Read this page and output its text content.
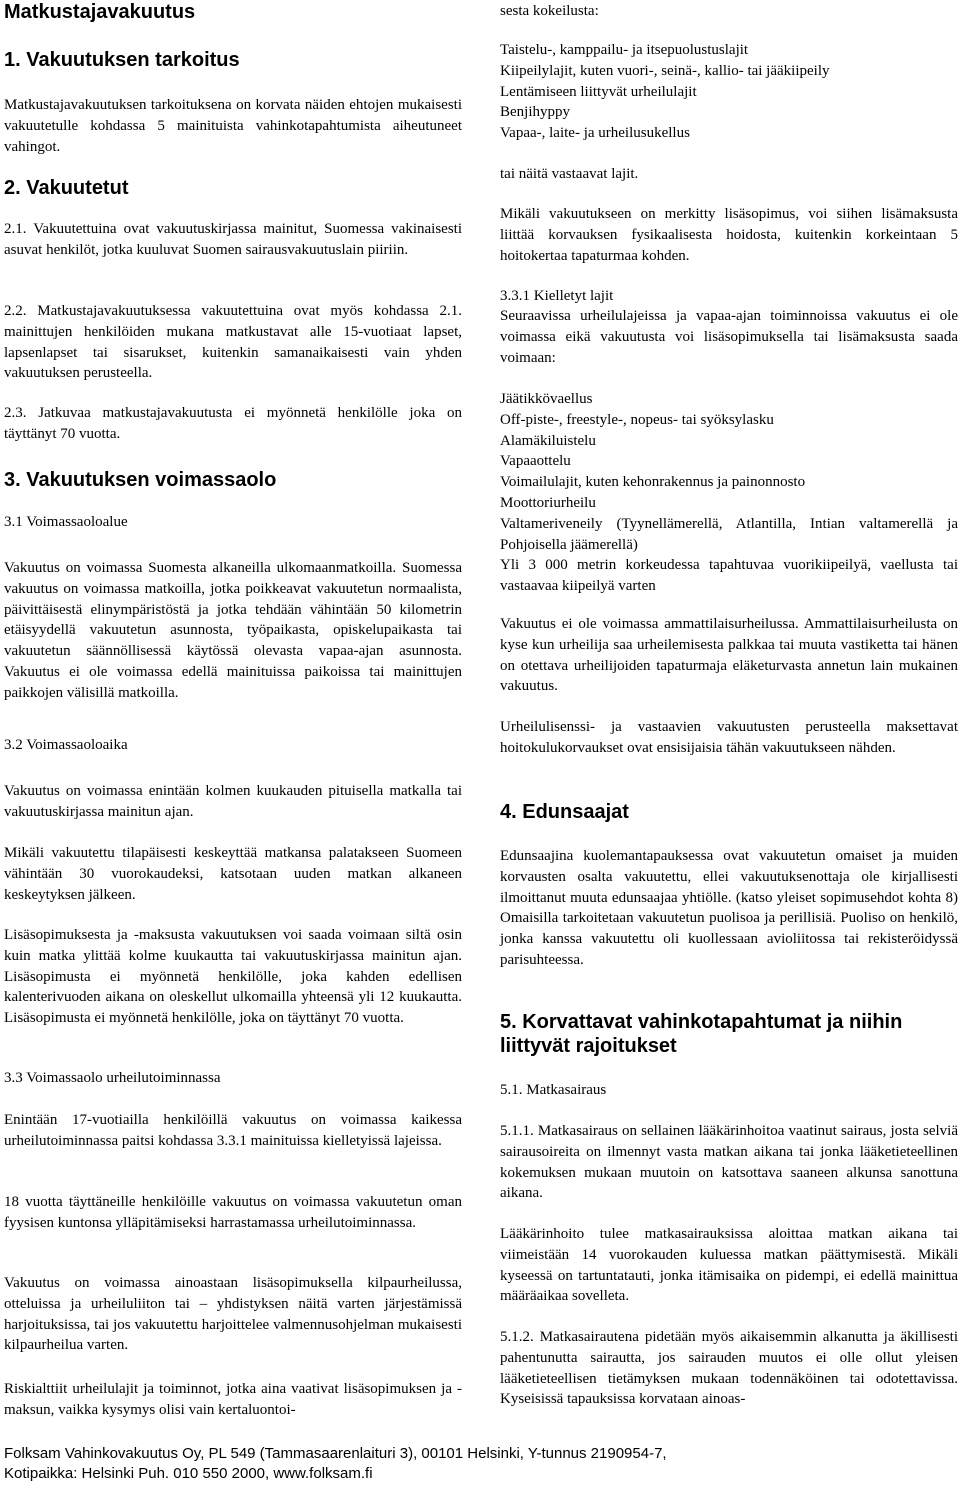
Matkustajavakuutus
1. Vakuutuksen tarkoitus

Matkustajavakuutuksen tarkoituksena on korvata näiden ehtojen mukaisesti vakuutetulle kohdassa 5 mainituista vahinkotapahtumista aiheutuneet vahingot.

2. Vakuutetut

2.1. Vakuutettuina ovat vakuutuskirjassa mainitut, Suomessa vakinaisesti asuvat henkilöt, jotka kuuluvat Suomen sairausvakuutuslain piiriin.

2.2. Matkustajavakuutuksessa vakuutettuina ovat myös kohdassa 2.1. mainittujen henkilöiden mukana matkustavat alle 15-vuotiaat lapset, lapsenlapset tai sisarukset, kuitenkin samanaikaisesti vain yhden vakuutuksen perusteella.

2.3. Jatkuvaa matkustajavakuutusta ei myönnetä henkilölle joka on täyttänyt 70 vuotta.

3. Vakuutuksen voimassaolo

3.1 Voimassaoloalue

Vakuutus on voimassa Suomesta alkaneilla ulkomaanmatkoilla. Suomessa vakuutus on voimassa matkoilla, jotka poikkeavat vakuutetun normaalista, päivittäisestä elinympäristöstä ja jotka tehdään vähintään 50 kilometrin etäisyydellä vakuutetun asunnosta, työpaikasta, opiskelupaikasta tai vakuutetun säännöllisessä käytössä olevasta vapaa-ajan asunnosta. Vakuutus ei ole voimassa edellä mainituissa paikoissa tai mainittujen paikkojen välisillä matkoilla.

3.2 Voimassaoloaika

Vakuutus on voimassa enintään kolmen kuukauden pituisella matkalla tai vakuutuskirjassa mainitun ajan.

Mikäli vakuutettu tilapäisesti keskeyttää matkansa palatakseen Suomeen vähintään 30 vuorokaudeksi, katsotaan uuden matkan alkaneen keskeytyksen jälkeen.

Lisäsopimuksesta ja -maksusta vakuutuksen voi saada voimaan siltä osin kuin matka ylittää kolme kuukautta tai vakuutuskirjassa mainitun ajan. Lisäsopimusta ei myönnetä henkilölle, joka kahden edellisen kalenterivuoden aikana on oleskellut ulkomailla yhteensä yli 12 kuukautta. Lisäsopimusta ei myönnetä henkilölle, joka on täyttänyt 70 vuotta.

3.3 Voimassaolo urheilutoiminnassa

Enintään 17-vuotiailla henkilöillä vakuutus on voimassa kaikessa urheilutoiminnassa paitsi kohdassa 3.3.1 mainituissa kielletyissä lajeissa.

18 vuotta täyttäneille henkilöille vakuutus on voimassa vakuutetun oman fyysisen kuntonsa ylläpitämiseksi harrastamassa urheilutoiminnassa.

Vakuutus on voimassa ainoastaan lisäsopimuksella kilpaurheilussa, otteluissa ja urheiluliiton tai – yhdistyksen näitä varten järjestämissä harjoituksissa, tai jos vakuutettu harjoittelee valmennusohjelman mukaisesti kilpaurheilua varten.

Riskialttiit urheilulajit ja toiminnot, jotka aina vaativat lisäsopimuksen ja -maksun, vaikka kysymys olisi vain kertaluontoi-

sesta kokeilusta:

Taistelu-, kamppailu- ja itsepuolustuslajit
Kiipeilylajit, kuten vuori-, seinä-, kallio- tai jääkiipeily
Lentämiseen liittyvät urheilulajit
Benjihyppy
Vapaa-, laite- ja urheilusukellus

tai näitä vastaavat lajit.

Mikäli vakuutukseen on merkitty lisäsopimus, voi siihen lisämaksusta liittää korvauksen fysikaalisesta hoidosta, kuitenkin korkeintaan 5 hoitokertaa tapaturmaa kohden.

3.3.1 Kielletyt lajit

Seuraavissa urheilulajeissa ja vapaa-ajan toiminnoissa vakuutus ei ole voimassa eikä vakuutusta voi lisäsopimuksella tai lisämaksusta saada voimaan:

Jäätikkövaellus
Off-piste-, freestyle-, nopeus- tai syöksylasku
Alamäkiluistelu
Vapaaottelu
Voimailulajit, kuten kehonrakennus ja painonnosto
Moottoriurheilu
Valtameriveneily (Tyynellämerellä, Atlantilla, Intian valtamerellä ja Pohjoisella jäämerellä)
Yli 3 000 metrin korkeudessa tapahtuvaa vuorikiipeilyä, vaellusta tai vastaavaa kiipeilyä varten

Vakuutus ei ole voimassa ammattilaisurheilussa. Ammattilaisurheilusta on kyse kun urheilija saa urheilemisesta palkkaa tai muuta vastiketta tai hänen on otettava urheilijoiden tapaturmaja eläketurvasta annetun lain mukainen vakuutus.

Urheilulisenssi- ja vastaavien vakuutusten perusteella maksettavat hoitokulukorvaukset ovat ensisijaisia tähän vakuutukseen nähden.

4. Edunsaajat

Edunsaajina kuolemantapauksessa ovat vakuutetun omaiset ja muiden korvausten osalta vakuutettu, ellei vakuutuksenottaja ole kirjallisesti ilmoittanut muuta edunsaajaa yhtiölle. (katso yleiset sopimusehdot kohta 8) Omaisilla tarkoitetaan vakuutetun puolisoa ja perillisiä. Puoliso on henkilö, jonka kanssa vakuutettu oli kuollessaan avioliitossa tai rekisteröidyssä parisuhteessa.

5. Korvattavat vahinkotapahtumat ja niihin liittyvät rajoitukset

5.1. Matkasairaus

5.1.1. Matkasairaus on sellainen lääkärinhoitoa vaatinut sairaus, josta selviä sairausoireita on ilmennyt vasta matkan aikana tai jonka lääketieteellinen kokemuksen mukaan muutoin on katsottava saaneen alkunsa sanottuna aikana.

Lääkärinhoito tulee matkasairauksissa aloittaa matkan aikana tai viimeistään 14 vuorokauden kuluessa matkan päättymisestä. Mikäli kyseessä on tartuntatauti, jonka itämisaika on pidempi, ei edellä mainittua määräaikaa sovelleta.

5.1.2. Matkasairautena pidetään myös aikaisemmin alkanutta ja äkillisesti pahentunutta sairautta, jos sairauden muutos ei olle ollut yleisen lääketieteellisen tietämyksen mukaan todennäköinen tai odotettavissa. Kyseisissä tapauksissa korvataan ainoas-

Folksam Vahinkovakuutus Oy, PL 549 (Tammasaarenlaituri 3), 00101 Helsinki, Y-tunnus 2190954-7,
Kotipaikka: Helsinki Puh. 010 550 2000, www.folksam.fi
